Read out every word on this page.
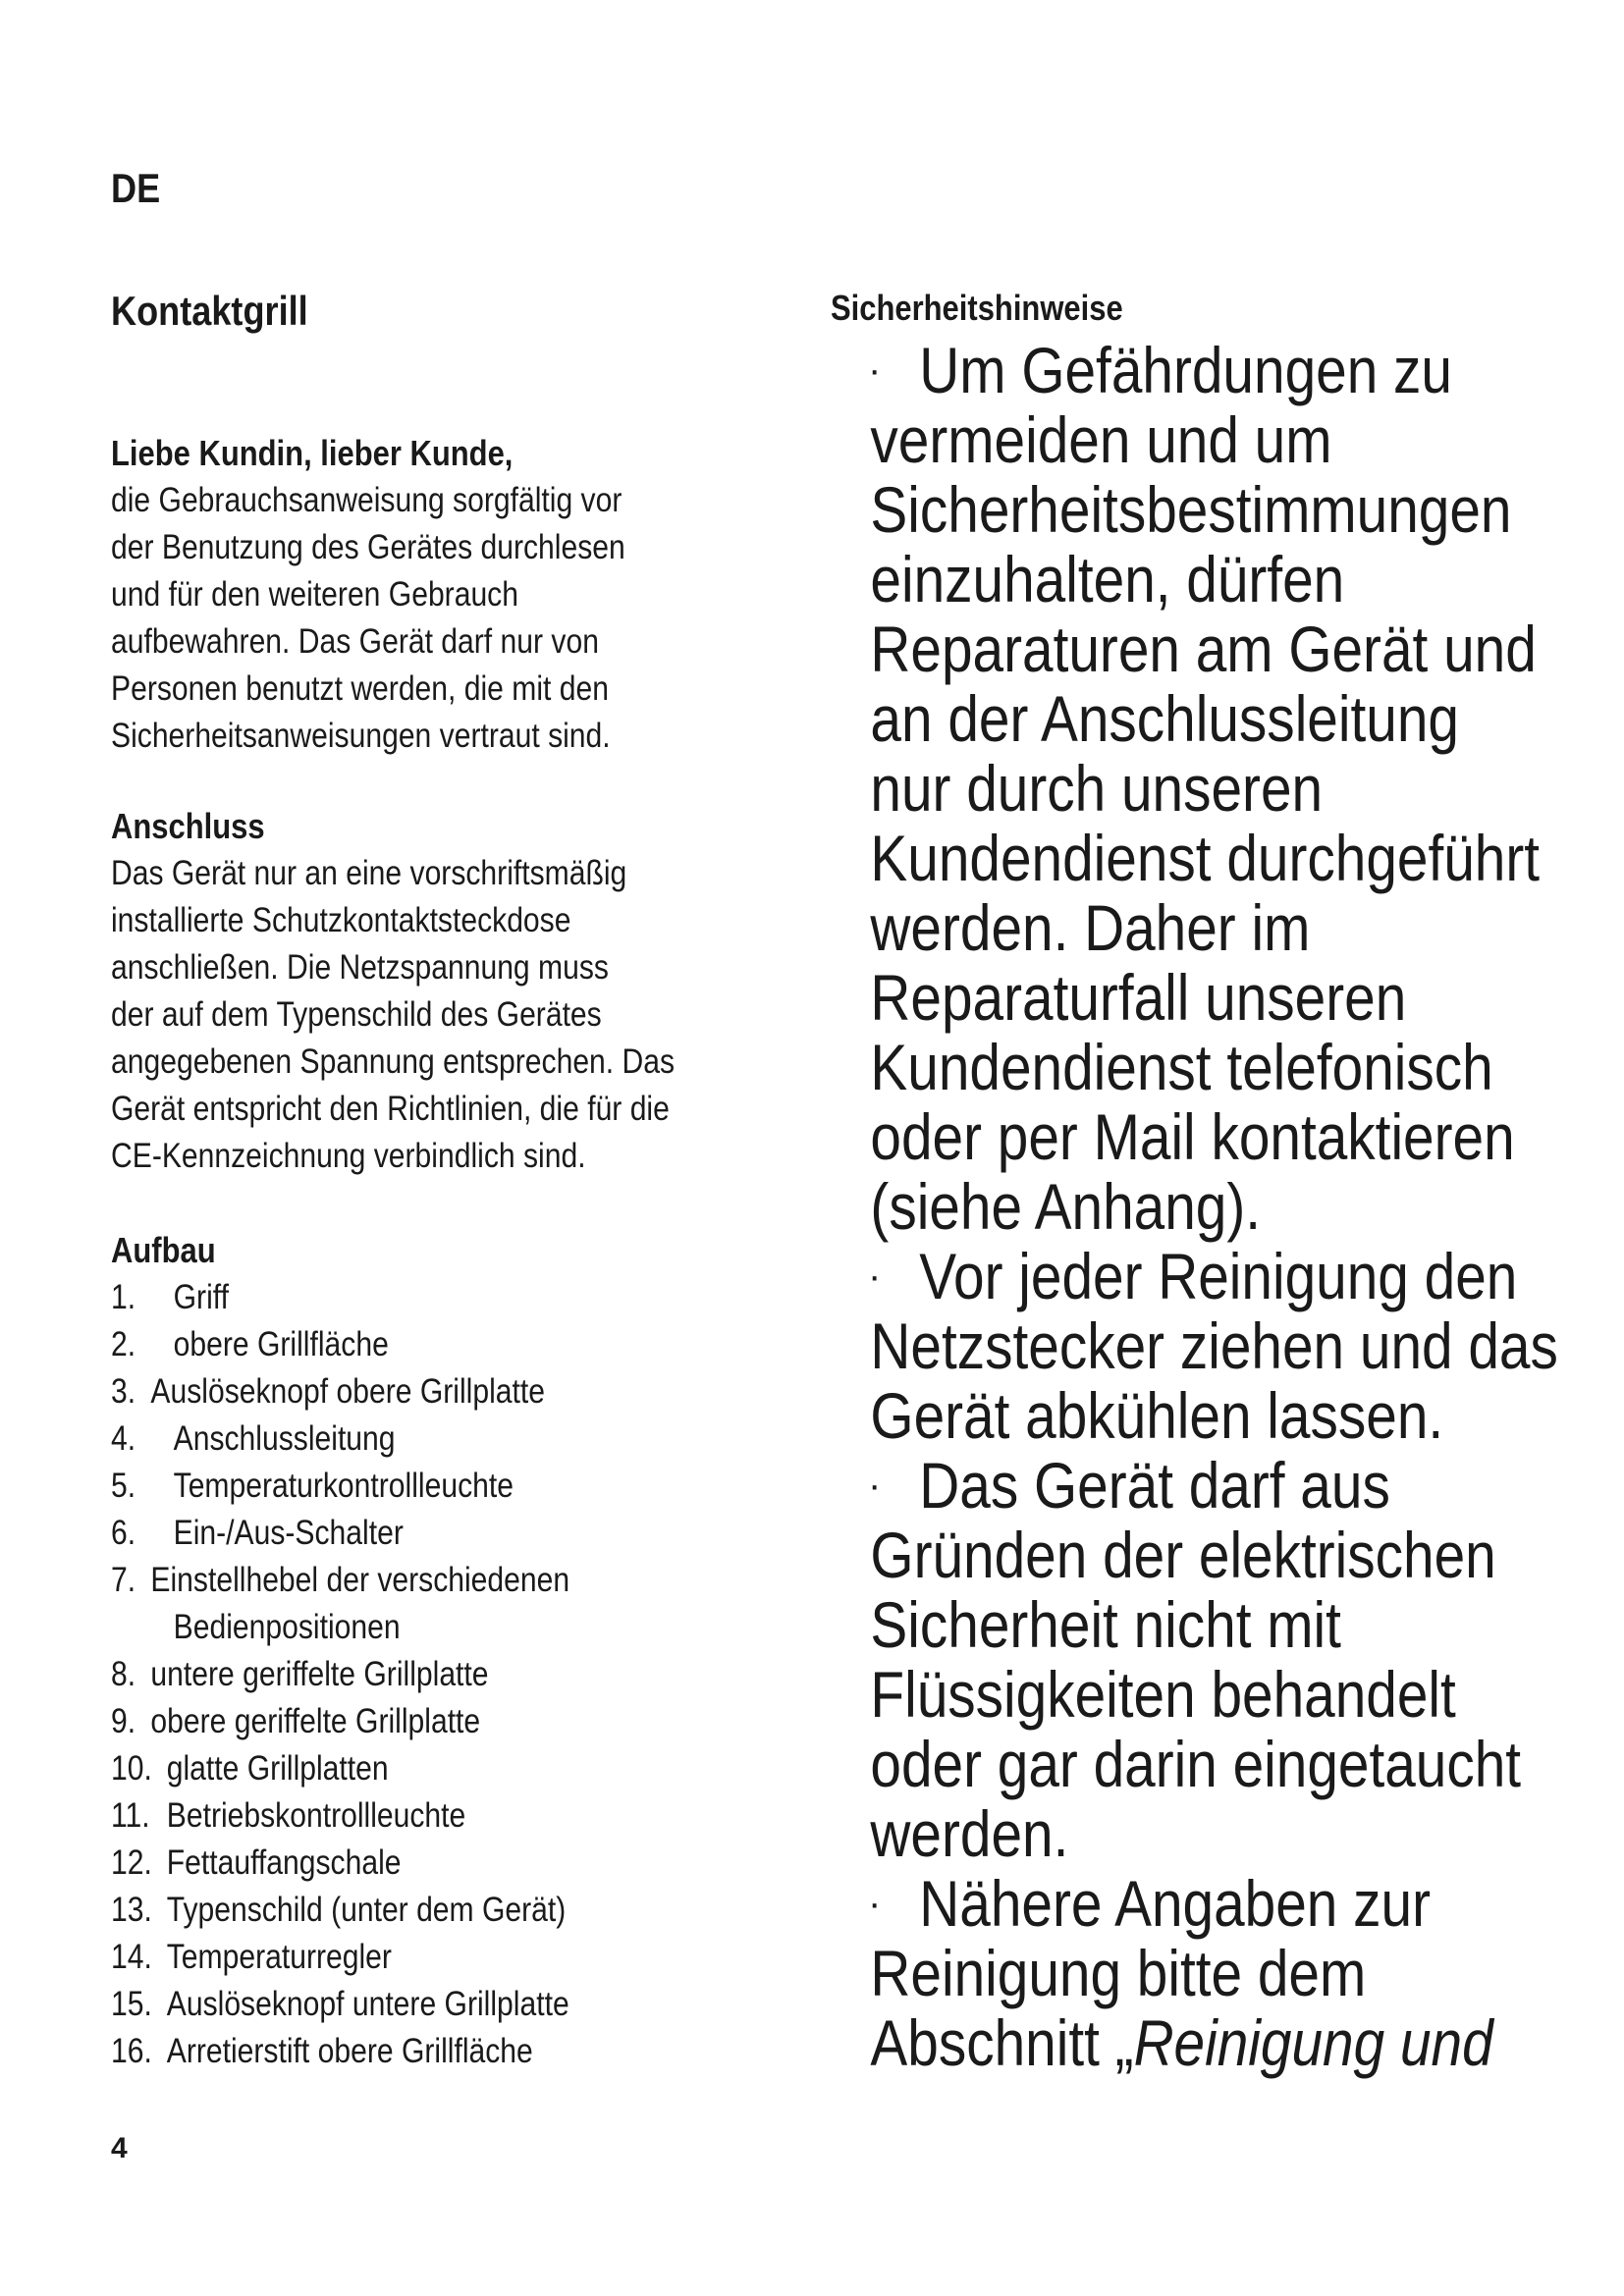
DE
Kontaktgrill
Liebe Kundin, lieber Kunde,
die Gebrauchsanweisung sorgfältig vor
der Benutzung des Gerätes durchlesen
und für den weiteren Gebrauch
aufbewahren. Das Gerät darf nur von
Personen benutzt werden, die mit den
Sicherheitsanweisungen vertraut sind.
Anschluss
Das Gerät nur an eine vorschriftsmäßig
installierte Schutzkontaktsteckdose
anschließen. Die Netzspannung muss
der auf dem Typenschild des Gerätes
angegebenen Spannung entsprechen. Das
Gerät entspricht den Richtlinien, die für die
CE-Kennzeichnung verbindlich sind.
Aufbau
1.	Griff
2.	obere Grillfläche
3. Auslöseknopf obere Grillplatte
4.	Anschlussleitung
5.	Temperaturkontrollleuchte
6.	Ein-/Aus-Schalter
7. Einstellhebel der verschiedenen
Bedienpositionen
8. untere geriffelte Grillplatte
9. obere geriffelte Grillplatte
10. glatte Grillplatten
11. Betriebskontrollleuchte
12. Fettauffangschale
13. Typenschild (unter dem Gerät)
14. Temperaturregler
15. Auslöseknopf untere Grillplatte
16. Arretierstift obere Grillfläche
Sicherheitshinweise
· Um Gefährdungen zu
vermeiden und um
Sicherheitsbestimmungen
einzuhalten, dürfen
Reparaturen am Gerät und
an der Anschlussleitung
nur durch unseren
Kundendienst durchgeführt
werden. Daher im
Reparaturfall unseren
Kundendienst telefonisch
oder per Mail kontaktieren
(siehe Anhang).
· Vor jeder Reinigung den
Netzstecker ziehen und das
Gerät abkühlen lassen.
· Das Gerät darf aus
Gründen der elektrischen
Sicherheit nicht mit
Flüssigkeiten behandelt
oder gar darin eingetaucht
werden.
· Nähere Angaben zur
Reinigung bitte dem
Abschnitt „Reinigung und
4
